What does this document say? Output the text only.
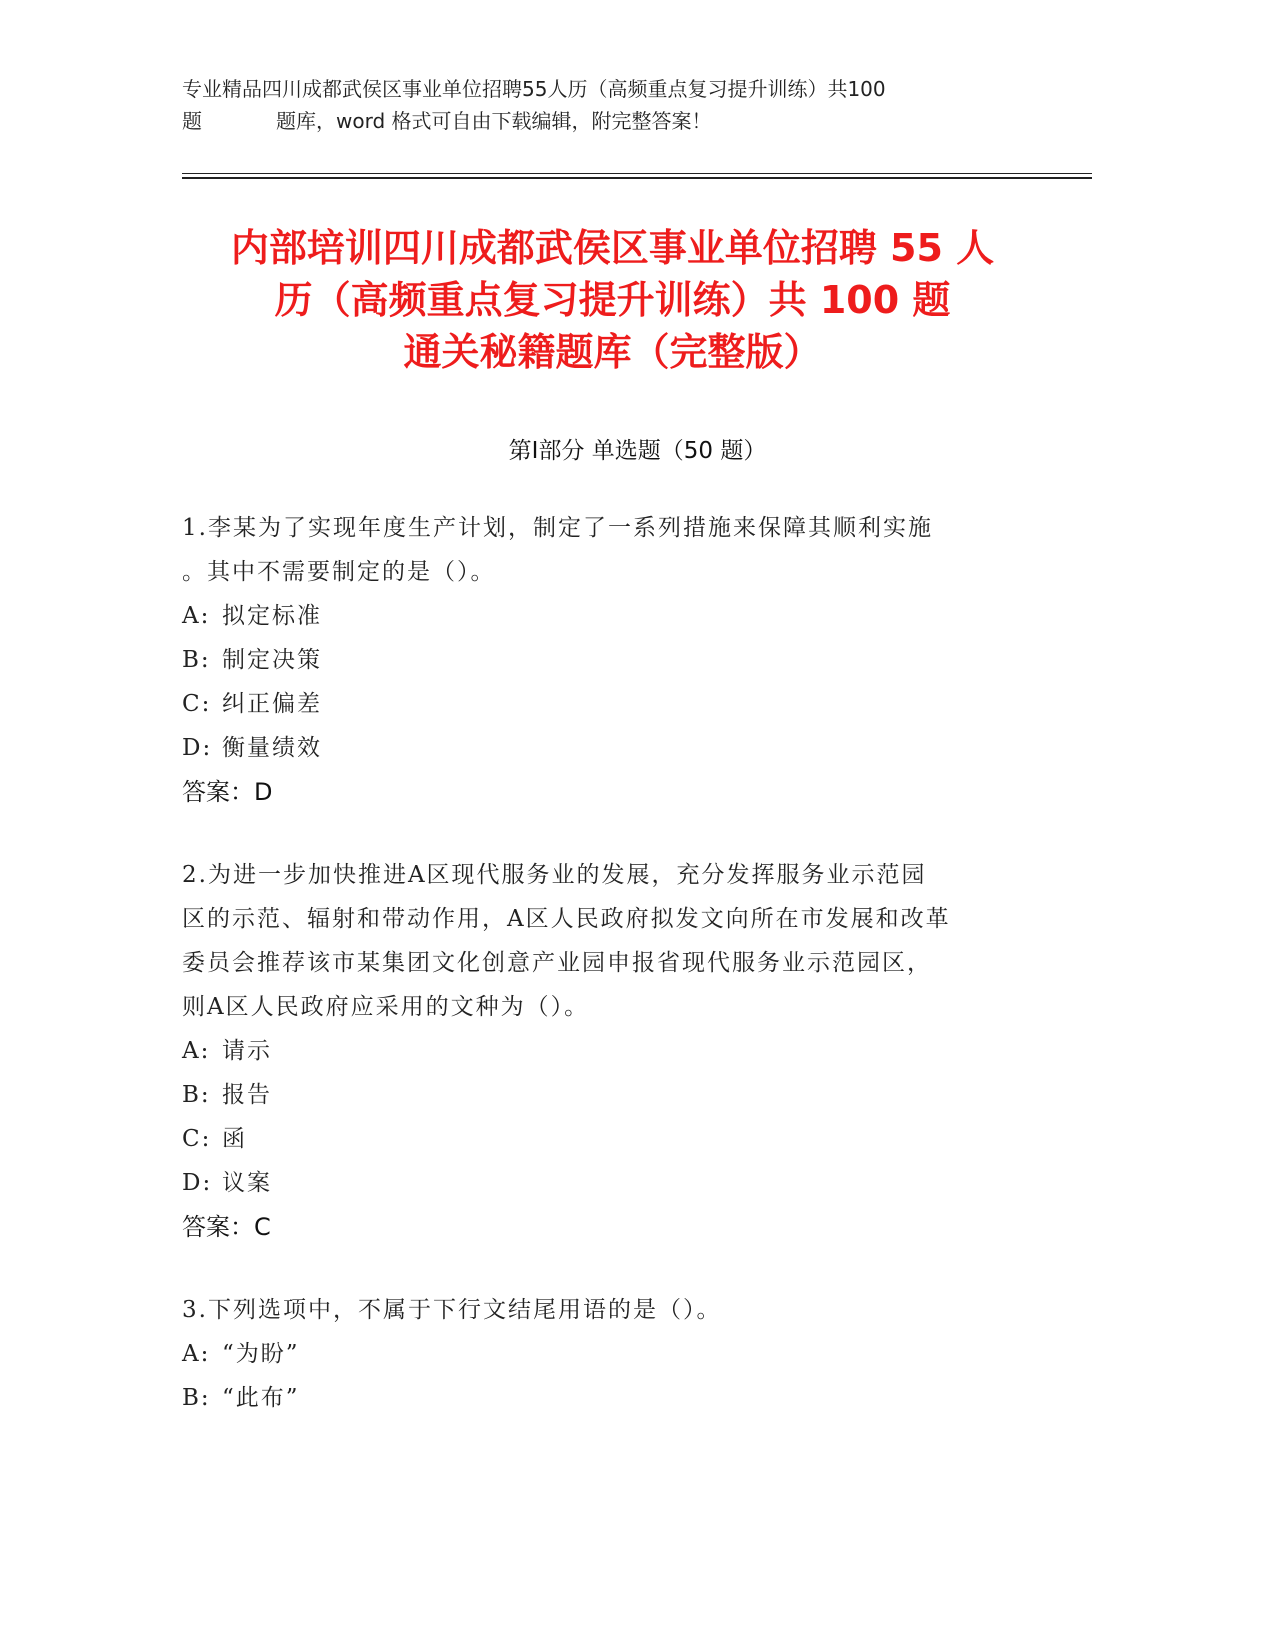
专业精品四川成都武侯区事业单位招聘55人历（高频重点复习提升训练）共100
题	题库，word 格式可自由下载编辑，附完整答案！
内部培训四川成都武侯区事业单位招聘 55 人
历（高频重点复习提升训练）共 100 题
通关秘籍题库（完整版）
第Ⅰ部分 单选题（50 题）
1.李某为了实现年度生产计划，制定了一系列措施来保障其顺利实施
。其中不需要制定的是（）。
A: 拟定标准
B: 制定决策
C: 纠正偏差
D: 衡量绩效
答案：D
2.为进一步加快推进A区现代服务业的发展，充分发挥服务业示范园
区的示范、辐射和带动作用，A区人民政府拟发文向所在市发展和改革
委员会推荐该市某集团文化创意产业园申报省现代服务业示范园区，
则A区人民政府应采用的文种为（）。
A: 请示
B: 报告
C: 函
D: 议案
答案：C
3.下列选项中，不属于下行文结尾用语的是（）。
A: “为盼”
B: “此布”
